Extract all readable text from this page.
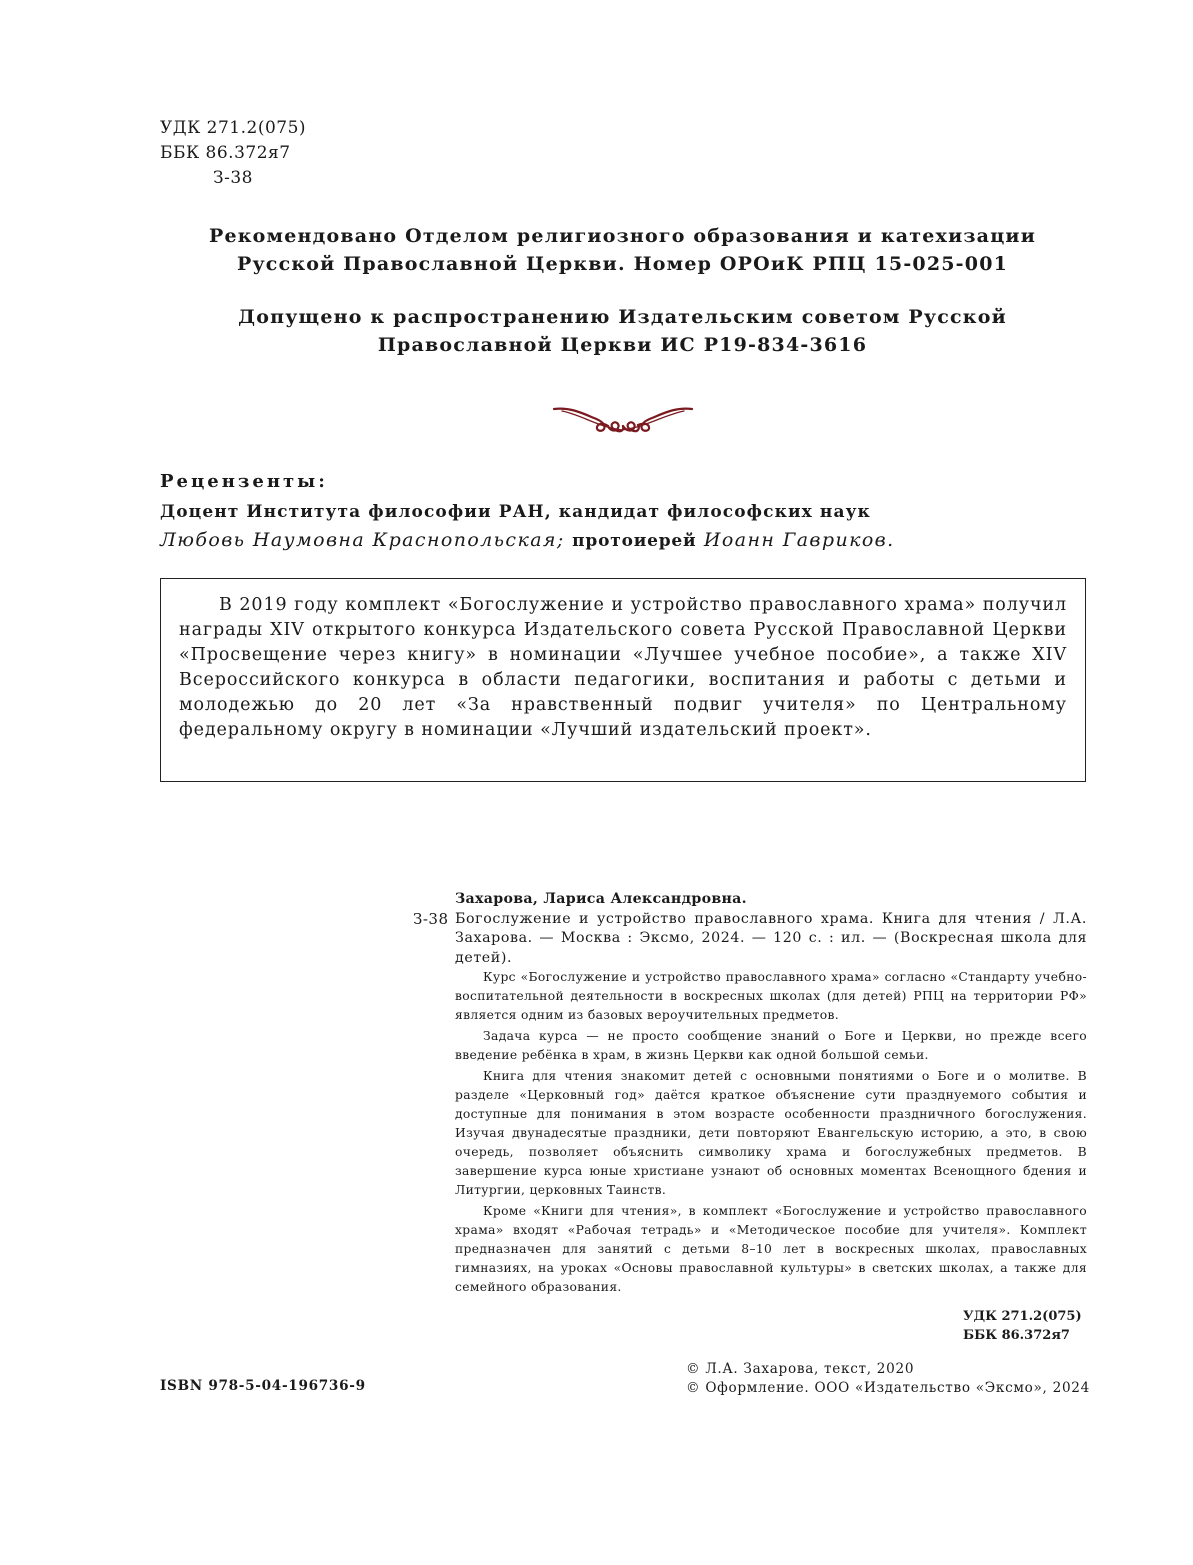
УДК 271.2(075)
ББК 86.372я7
З-38
Рекомендовано Отделом религиозного образования и катехизации
Русской Православной Церкви. Номер ОРОиК РПЦ 15-025-001
Допущено к распространению Издательским советом Русской
Православной Церкви ИС Р19-834-3616
Рецензенты:
Доцент Института философии РАН, кандидат философских наук
Любовь Наумовна Краснопольская; протоиерей Иоанн Гавриков.

В 2019 году комплект «Богослужение и устройство православного храма» получил награды XIV открытого конкурса Издательского совета Русской Православной Церкви «Просвещение через книгу» в номинации «Лучшее учебное пособие», а также XIV Всероссийского конкурса в области педагогики, воспитания и работы с детьми и молодежью до 20 лет «За нравственный подвиг учителя» по Центральному федеральному округу в номинации «Лучший издательский проект».

З-38
Захарова, Лариса Александровна.
Богослужение и устройство православного храма. Книга для чтения / Л.А. Захарова. — Москва : Эксмо, 2024. — 120 с. : ил. — (Воскресная школа для детей).

Курс «Богослужение и устройство православного храма» согласно «Стандарту учебно-воспитательной деятельности в воскресных школах (для детей) РПЦ на территории РФ» является одним из базовых вероучительных предметов.

Задача курса — не просто сообщение знаний о Боге и Церкви, но прежде всего введение ребёнка в храм, в жизнь Церкви как одной большой семьи.

Книга для чтения знакомит детей с основными понятиями о Боге и о молитве. В разделе «Церковный год» даётся краткое объяснение сути празднуемого события и доступные для понимания в этом возрасте особенности праздничного богослужения. Изучая двунадесятые праздники, дети повторяют Евангельскую историю, а это, в свою очередь, позволяет объяснить символику храма и богослужебных предметов. В завершение курса юные христиане узнают об основных моментах Всенощного бдения и Литургии, церковных Таинств.

Кроме «Книги для чтения», в комплект «Богослужение и устройство православного храма» входят «Рабочая тетрадь» и «Методическое пособие для учителя». Комплект предназначен для занятий с детьми 8–10 лет в воскресных школах, православных гимназиях, на уроках «Основы православной культуры» в светских школах, а также для семейного образования.

УДК 271.2(075)
ББК 86.372я7
© Л.А. Захарова, текст, 2020
© Оформление. ООО «Издательство «Эксмо», 2024
ISBN 978-5-04-196736-9
